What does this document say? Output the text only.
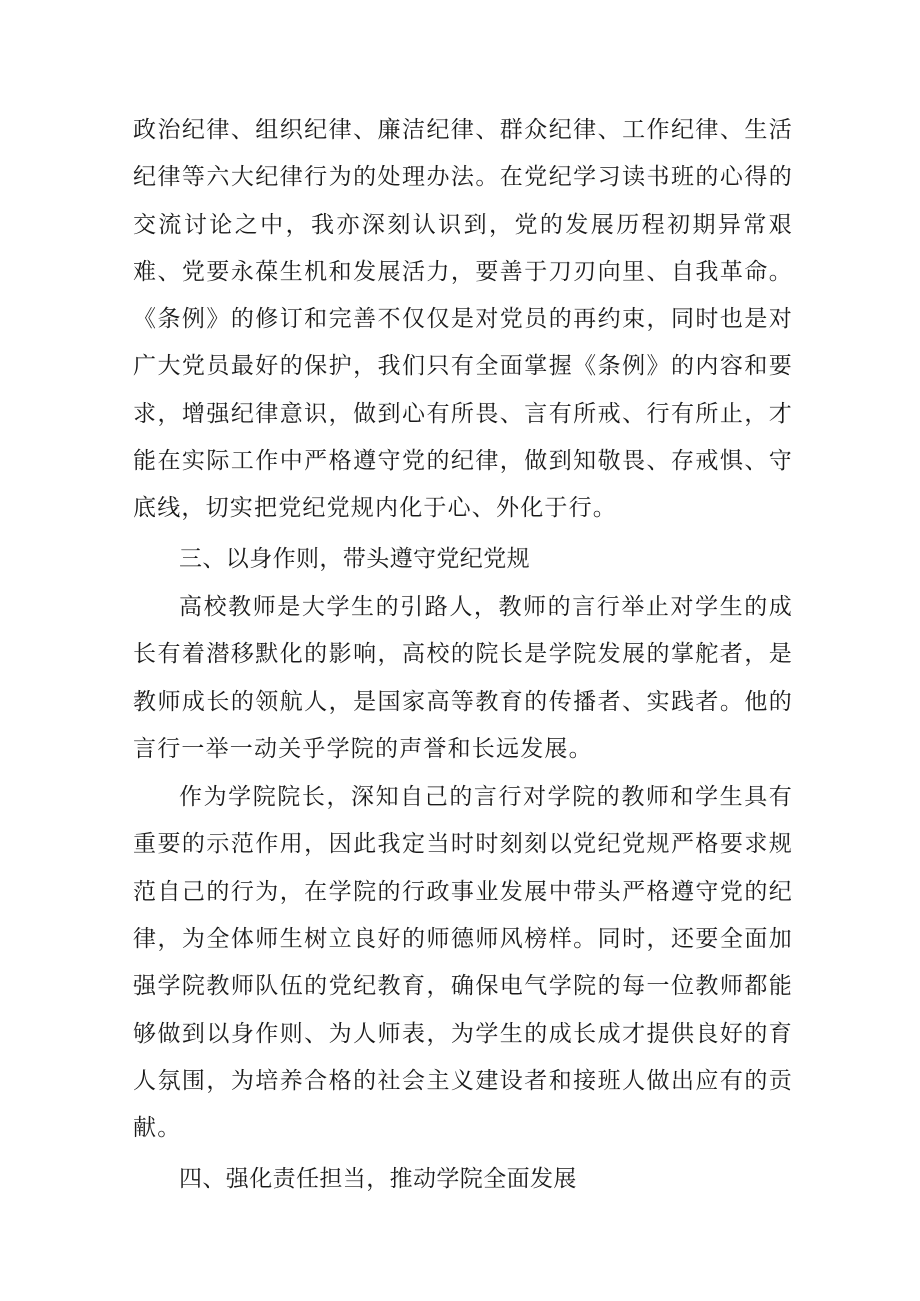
政治纪律、组织纪律、廉洁纪律、群众纪律、工作纪律、生活纪律等六大纪律行为的处理办法。在党纪学习读书班的心得的交流讨论之中，我亦深刻认识到，党的发展历程初期异常艰难、党要永葆生机和发展活力，要善于刀刃向里、自我革命。《条例》的修订和完善不仅仅是对党员的再约束，同时也是对广大党员最好的保护，我们只有全面掌握《条例》的内容和要求，增强纪律意识，做到心有所畏、言有所戒、行有所止，才能在实际工作中严格遵守党的纪律，做到知敬畏、存戒惧、守底线，切实把党纪党规内化于心、外化于行。

三、以身作则，带头遵守党纪党规

高校教师是大学生的引路人，教师的言行举止对学生的成长有着潜移默化的影响，高校的院长是学院发展的掌舵者，是教师成长的领航人，是国家高等教育的传播者、实践者。他的言行一举一动关乎学院的声誉和长远发展。

作为学院院长，深知自己的言行对学院的教师和学生具有重要的示范作用，因此我定当时时刻刻以党纪党规严格要求规范自己的行为，在学院的行政事业发展中带头严格遵守党的纪律，为全体师生树立良好的师德师风榜样。同时，还要全面加强学院教师队伍的党纪教育，确保电气学院的每一位教师都能够做到以身作则、为人师表，为学生的成长成才提供良好的育人氛围，为培养合格的社会主义建设者和接班人做出应有的贡献。

四、强化责任担当，推动学院全面发展
